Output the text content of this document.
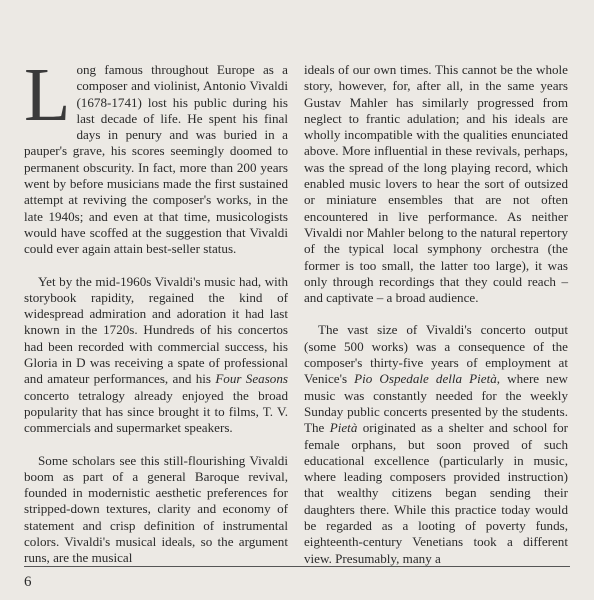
Long famous throughout Europe as a composer and violinist, Antonio Vivaldi (1678-1741) lost his public during his last decade of life. He spent his final days in penury and was buried in a pauper's grave, his scores seemingly doomed to permanent obscurity. In fact, more than 200 years went by before musicians made the first sustained attempt at reviving the composer's works, in the late 1940s; and even at that time, musicologists would have scoffed at the suggestion that Vivaldi could ever again attain best-seller status.

Yet by the mid-1960s Vivaldi's music had, with storybook rapidity, regained the kind of widespread admiration and adoration it had last known in the 1720s. Hundreds of his concertos had been recorded with commercial success, his Gloria in D was receiving a spate of professional and amateur performances, and his Four Seasons concerto tetralogy already enjoyed the broad popularity that has since brought it to films, T. V. commercials and supermarket speakers.

Some scholars see this still-flourishing Vivaldi boom as part of a general Baroque revival, founded in modernistic aesthetic preferences for stripped-down textures, clarity and economy of statement and crisp definition of instrumental colors. Vivaldi's musical ideals, so the argument runs, are the musical

ideals of our own times. This cannot be the whole story, however, for, after all, in the same years Gustav Mahler has similarly progressed from neglect to frantic adulation; and his ideals are wholly incompatible with the qualities enunciated above. More influential in these revivals, perhaps, was the spread of the long playing record, which enabled music lovers to hear the sort of outsized or miniature ensembles that are not often encountered in live performance. As neither Vivaldi nor Mahler belong to the natural repertory of the typical local symphony orchestra (the former is too small, the latter too large), it was only through recordings that they could reach – and captivate – a broad audience.

The vast size of Vivaldi's concerto output (some 500 works) was a consequence of the composer's thirty-five years of employment at Venice's Pio Ospedale della Pietà, where new music was constantly needed for the weekly Sunday public concerts presented by the students. The Pietà originated as a shelter and school for female orphans, but soon proved of such educational excellence (particularly in music, where leading composers provided instruction) that wealthy citizens began sending their daughters there. While this practice today would be regarded as a looting of poverty funds, eighteenth-century Venetians took a different view. Presumably, many a

6
